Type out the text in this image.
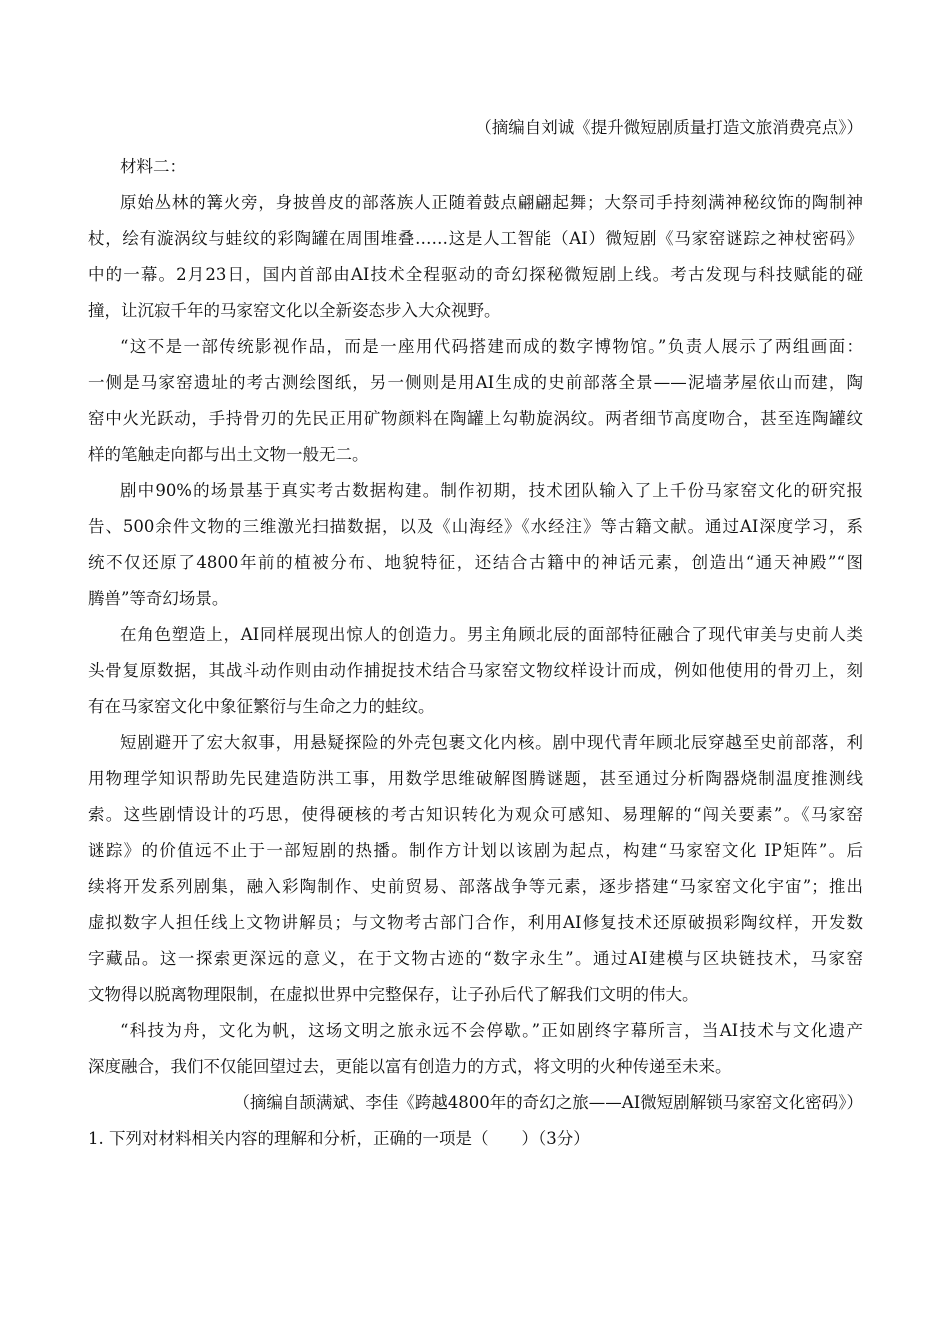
（摘编自刘诚《提升微短剧质量打造文旅消费亮点》）
材料二：
原始丛林的篝火旁，身披兽皮的部落族人正随着鼓点翩翩起舞；大祭司手持刻满神秘纹饰的陶制神
杖，绘有漩涡纹与蛙纹的彩陶罐在周围堆叠……这是人工智能（AI）微短剧《马家窑谜踪之神杖密码》
中的一幕。2月23日，国内首部由AI技术全程驱动的奇幻探秘微短剧上线。考古发现与科技赋能的碰
撞，让沉寂千年的马家窑文化以全新姿态步入大众视野。
“这不是一部传统影视作品，而是一座用代码搭建而成的数字博物馆。”负责人展示了两组画面：
一侧是马家窑遗址的考古测绘图纸，另一侧则是用AI生成的史前部落全景——泥墙茅屋依山而建，陶
窑中火光跃动，手持骨刃的先民正用矿物颜料在陶罐上勾勒旋涡纹。两者细节高度吻合，甚至连陶罐纹
样的笔触走向都与出土文物一般无二。
剧中90%的场景基于真实考古数据构建。制作初期，技术团队输入了上千份马家窑文化的研究报
告、500余件文物的三维激光扫描数据，以及《山海经》《水经注》等古籍文献。通过AI深度学习，系
统不仅还原了4800年前的植被分布、地貌特征，还结合古籍中的神话元素，创造出“通天神殿”“图
腾兽”等奇幻场景。
在角色塑造上，AI同样展现出惊人的创造力。男主角顾北辰的面部特征融合了现代审美与史前人类
头骨复原数据，其战斗动作则由动作捕捉技术结合马家窑文物纹样设计而成，例如他使用的骨刃上，刻
有在马家窑文化中象征繁衍与生命之力的蛙纹。
短剧避开了宏大叙事，用悬疑探险的外壳包裹文化内核。剧中现代青年顾北辰穿越至史前部落，利
用物理学知识帮助先民建造防洪工事，用数学思维破解图腾谜题，甚至通过分析陶器烧制温度推测线
索。这些剧情设计的巧思，使得硬核的考古知识转化为观众可感知、易理解的“闯关要素”。《马家窑
谜踪》的价值远不止于一部短剧的热播。制作方计划以该剧为起点，构建“马家窑文化 IP矩阵”。后
续将开发系列剧集，融入彩陶制作、史前贸易、部落战争等元素，逐步搭建“马家窑文化宇宙”；推出
虚拟数字人担任线上文物讲解员；与文物考古部门合作，利用AI修复技术还原破损彩陶纹样，开发数
字藏品。这一探索更深远的意义，在于文物古迹的“数字永生”。通过AI建模与区块链技术，马家窑
文物得以脱离物理限制，在虚拟世界中完整保存，让子孙后代了解我们文明的伟大。
“科技为舟，文化为帆，这场文明之旅永远不会停歇。”正如剧终字幕所言，当AI技术与文化遗产
深度融合，我们不仅能回望过去，更能以富有创造力的方式，将文明的火种传递至未来。
（摘编自颉满斌、李佳《跨越4800年的奇幻之旅——AI微短剧解锁马家窑文化密码》）
1. 下列对材料相关内容的理解和分析，正确的一项是（　　）（3分）
